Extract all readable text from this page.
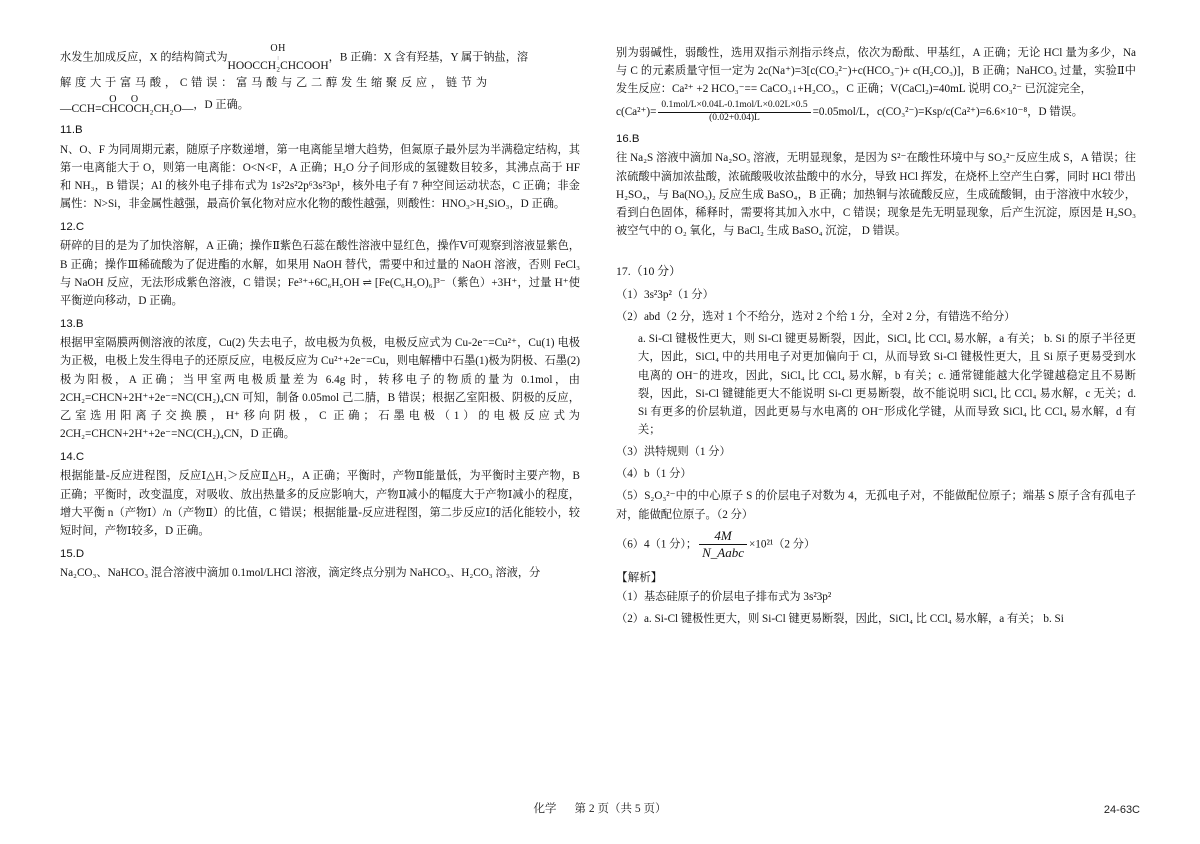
水发生加成反应，X 的结构简式为
OH
|
HOOCCH₂CHCOOH
，B 正确：X 含有羟基，Y 属于钠盐，溶
解 度 大 于 富 马 酸 ， C 错 误 ： 富 马 酸 与 乙 二 醇 发 生 缩 聚 反 应 ， 链 节 为
O O
—CCH=CHCOCH₂CH₂O— ，D 正确。
11.B
N、O、F 为同周期元素，随原子序数递增，第一电离能呈增大趋势，但氮原子最外层为半满稳定结构，其第一电离能大于 O，则第一电离能：O<N<F，A 正确；H₂O 分子间形成的氢键数目较多，其沸点高于 HF 和 NH₃，B 错误；Al 的核外电子排布式为 1s²2s²2p⁶3s²3p¹，核外电子有 7 种空间运动状态，C 正确；非金属性：N>Si，非金属性越强，最高价氧化物对应水化物的酸性越强，则酸性：HNO₃>H₂SiO₃，D 正确。
12.C
研碎的目的是为了加快溶解，A 正确；操作Ⅱ紫色石蕊在酸性溶液中显红色，操作Ⅴ可观察到溶液显紫色，B 正确；操作Ⅲ稀硫酸为了促进酯的水解，如果用 NaOH 替代，需要中和过量的 NaOH 溶液，否则 FeCl₃ 与 NaOH 反应，无法形成紫色溶液，C 错误；Fe³⁺+6C₆H₅OH ⇌ [Fe(C₆H₅O)₆]³⁻（紫色）+3H⁺，过量 H⁺使平衡逆向移动，D 正确。
13.B
根据甲室隔膜两侧溶液的浓度，Cu(2) 失去电子，故电极为负极，电极反应式为 Cu-2e⁻=Cu²⁺，Cu(1) 电极为正极，电极上发生得电子的还原反应，电极反应为 Cu²⁺+2e⁻=Cu，则电解槽中石墨(1)极为阴极、石墨(2)极为阳极，A 正确；当甲室两电极质量差为 6.4g 时，转移电子的物质的量为 0.1mol，由 2CH₂=CHCN+2H⁺+2e⁻=NC(CH₂)₄CN 可知，制备 0.05mol 己二腈，B 错误；根据乙室阳极、阴极的反应，乙室选用阳离子交换膜，H⁺移向阴极，C 正确；石墨电极（1）的电极反应式为 2CH₂=CHCN+2H⁺+2e⁻=NC(CH₂)₄CN，D 正确。
14.C
根据能量-反应进程图，反应Ⅰ△H₁＞反应Ⅱ△H₂，A 正确；平衡时，产物Ⅱ能量低，为平衡时主要产物，B 正确；平衡时，改变温度，对吸收、放出热量多的反应影响大，产物Ⅱ减小的幅度大于产物Ⅰ减小的程度，增大平衡 n（产物Ⅰ）/n（产物Ⅱ）的比值，C 错误；根据能量-反应进程图，第二步反应Ⅰ的活化能较小，较短时间，产物Ⅰ较多，D 正确。
15.D
Na₂CO₃、NaHCO₃ 混合溶液中滴加 0.1mol/LHCl 溶液，滴定终点分别为 NaHCO₃、H₂CO₃ 溶液，分
别为弱碱性，弱酸性，选用双指示剂指示终点，依次为酚酞、甲基红，A 正确；无论 HCl 量为多少，Na 与 C 的元素质量守恒一定为 2c(Na⁺)=3[c(CO₃²⁻)+c(HCO₃⁻)+ c(H₂CO₃)]，B 正确；NaHCO₃ 过量，实验Ⅱ中发生反应：Ca²⁺ +2 HCO₃⁻== CaCO₃↓+H₂CO₃，C 正确；V(CaCl₂)=40mL 说明 CO₃²⁻ 已沉淀完全，
$c(Ca^{2+})= \frac{\text{0.1mol/L×0.04L-0.1mol/L×0.02L×0.5}}{(0.02+0.04)L} =0.05mol/L$，c(CO₃²⁻)=Ksp/c(Ca²⁺)=6.6×10⁻⁸，D 错误。
16.B
往 Na₂S 溶液中滴加 Na₂SO₃ 溶液，无明显现象，是因为 S²⁻在酸性环境中与 SO₃²⁻反应生成 S，A 错误；往浓硫酸中滴加浓盐酸，浓硫酸吸收浓盐酸中的水分，导致 HCl 挥发，在烧杯上空产生白雾，同时 HCl 带出 H₂SO₄，与 Ba(NO₃)₂ 反应生成 BaSO₄，B 正确；加热铜与浓硫酸反应，生成硫酸铜，由于溶液中水较少，看到白色固体，稀释时，需要将其加入水中，C 错误；现象是先无明显现象，后产生沉淀，原因是 H₂SO₃ 被空气中的 O₂ 氧化，与 BaCl₂ 生成 BaSO₄ 沉淀， D 错误。
17.（10 分）
（1）3s²3p²（1 分）
（2）abd（2 分，选对 1 个不给分，选对 2 个给 1 分，全对 2 分，有错选不给分）
a. Si-Cl 键极性更大，则 Si-Cl 键更易断裂，因此，SiCl₄ 比 CCl₄ 易水解，a 有关； b. Si 的原子半径更大，因此，SiCl₄ 中的共用电子对更加偏向于 Cl，从而导致 Si-Cl 键极性更大，且 Si 原子更易受到水电离的 OH⁻的进攻，因此，SiCl₄ 比 CCl₄ 易水解，b 有关；c. 通常键能越大化学键越稳定且不易断裂，因此，Si-Cl 键键能更大不能说明 Si-Cl 更易断裂，故不能说明 SiCl₄ 比 CCl₄ 易水解，c 无关；d. Si 有更多的价层轨道，因此更易与水电离的 OH⁻形成化学键，从而导致 SiCl₄ 比 CCl₄ 易水解，d 有关；
（3）洪特规则（1 分）
（4）b（1 分）
（5）S₂O₃²⁻中的中心原子 S 的价层电子对数为 4，无孤电子对，不能做配位原子；端基 S 原子含有孤电子对，能做配位原子。（2 分）
（6）4（1 分）； $\frac{4M}{\text{N\_Aabc}} \times 10^{21}(2$ 分）
【解析】
（1）基态硅原子的价层电子排布式为 3s²3p²
（2）a. Si-Cl 键极性更大，则 Si-Cl 键更易断裂，因此，SiCl₄ 比 CCl₄ 易水解，a 有关； b. Si
化学 第 2 页（共 5 页）	24-63C
